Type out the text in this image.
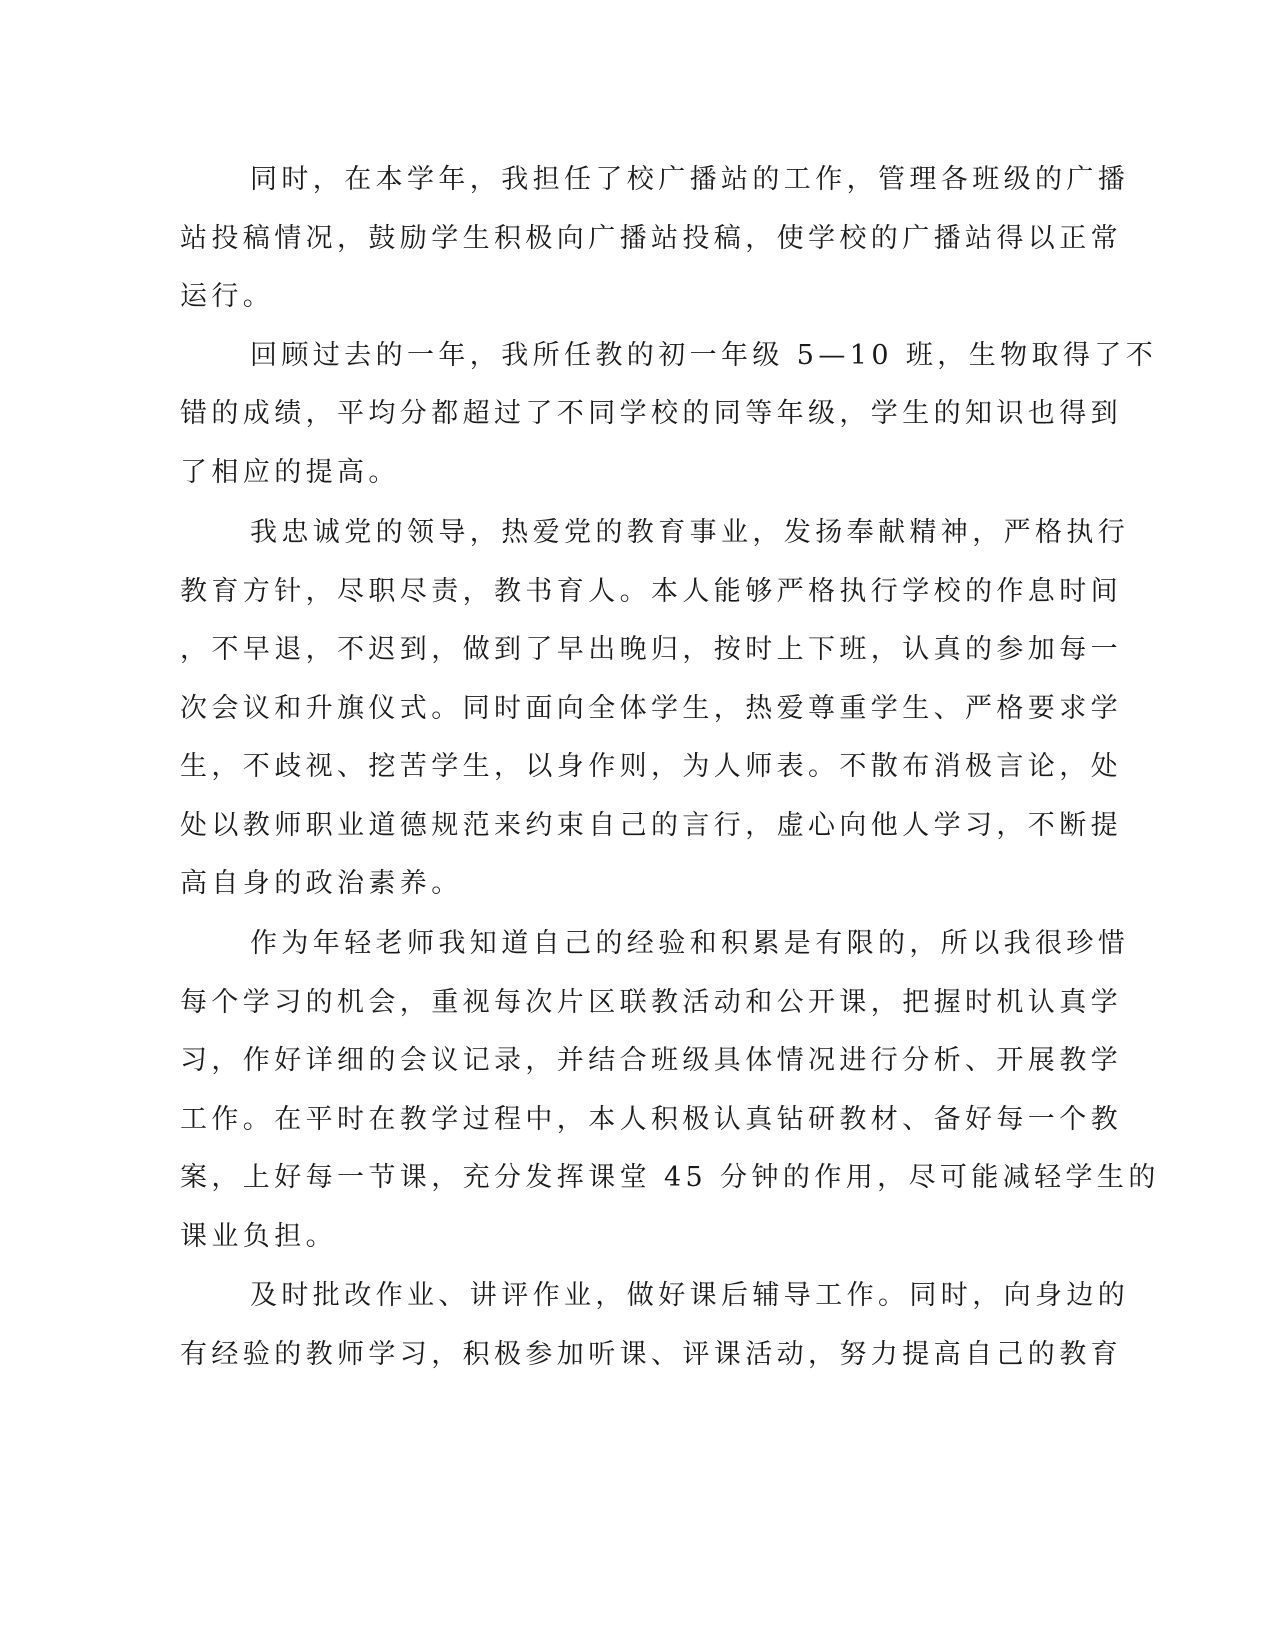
同时，在本学年，我担任了校广播站的工作，管理各班级的广播
站投稿情况，鼓励学生积极向广播站投稿，使学校的广播站得以正常
运行。
回顾过去的一年，我所任教的初一年级 5—10 班，生物取得了不
错的成绩，平均分都超过了不同学校的同等年级，学生的知识也得到
了相应的提高。
我忠诚党的领导，热爱党的教育事业，发扬奉献精神，严格执行
教育方针，尽职尽责，教书育人。本人能够严格执行学校的作息时间
，不早退，不迟到，做到了早出晚归，按时上下班，认真的参加每一
次会议和升旗仪式。同时面向全体学生，热爱尊重学生、严格要求学
生，不歧视、挖苦学生，以身作则，为人师表。不散布消极言论，处
处以教师职业道德规范来约束自己的言行，虚心向他人学习，不断提
高自身的政治素养。
作为年轻老师我知道自己的经验和积累是有限的，所以我很珍惜
每个学习的机会，重视每次片区联教活动和公开课，把握时机认真学
习，作好详细的会议记录，并结合班级具体情况进行分析、开展教学
工作。在平时在教学过程中，本人积极认真钻研教材、备好每一个教
案，上好每一节课，充分发挥课堂 45 分钟的作用，尽可能减轻学生的
课业负担。
及时批改作业、讲评作业，做好课后辅导工作。同时，向身边的
有经验的教师学习，积极参加听课、评课活动，努力提高自己的教育
